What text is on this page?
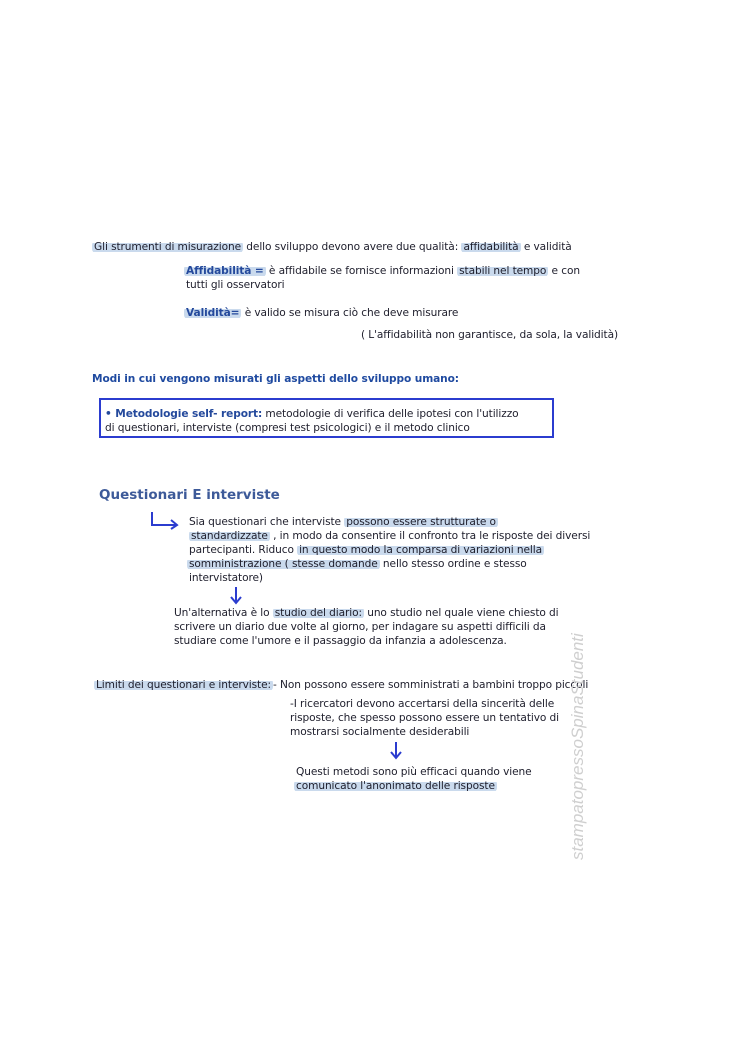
Gli strumenti di misurazione dello sviluppo devono avere due qualità: affidabilità e validità
Affidabilità = è affidabile se fornisce informazioni stabili nel tempo e con
tutti gli osservatori
Validità= è valido se misura ciò che deve misurare
( L'affidabilità non garantisce, da sola, la validità)
Modi in cui vengono misurati gli aspetti dello sviluppo umano:
• Metodologie self- report: metodologie di verifica delle ipotesi con l'utilizzo
di questionari, interviste (compresi test psicologici) e il metodo clinico
Questionari E interviste
Sia questionari che interviste possono essere strutturate o
standardizzate , in modo da consentire il confronto tra le risposte dei diversi
partecipanti. Riduco in questo modo la comparsa di variazioni nella
somministrazione ( stesse domande nello stesso ordine e stesso
intervistatore)
Un'alternativa è lo studio del diario: uno studio nel quale viene chiesto di
scrivere un diario due volte al giorno, per indagare su aspetti difficili da
studiare come l'umore e il passaggio da infanzia a adolescenza.
Limiti dei questionari e interviste: - Non possono essere somministrati a bambini troppo piccoli
-I ricercatori devono accertarsi della sincerità delle
risposte, che spesso possono essere un tentativo di
mostrarsi socialmente desiderabili
Questi metodi sono più efficaci quando viene
comunicato l'anonimato delle risposte	stampatopressoSpinaStudenti
